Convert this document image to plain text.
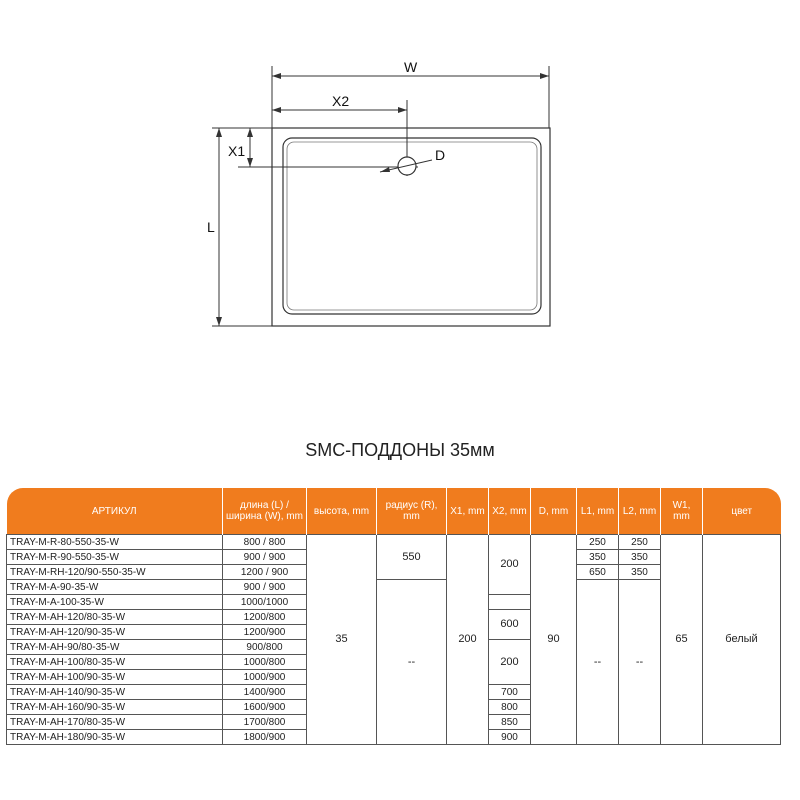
W
X2
X1
L
D
SMC-ПОДДОНЫ 35мм
АРТИКУЛ	длина (L) / ширина (W), mm	высота, mm	радиус (R), mm	X1, mm	X2, mm	D, mm	L1, mm	L2, mm	W1, mm	цвет
TRAY-M-R-80-550-35-W	800 / 800	35	550	200	200	90	250	250	65	белый
TRAY-M-R-90-550-35-W	900 / 900						350	350		
TRAY-M-RH-120/90-550-35-W	1200 / 900						650	350		
TRAY-M-A-90-35-W	900 / 900		--				--	--		
TRAY-M-A-100-35-W	1000/1000									
TRAY-M-AH-120/80-35-W	1200/800				600					
TRAY-M-AH-120/90-35-W	1200/900									
TRAY-M-AH-90/80-35-W	900/800				200					
TRAY-M-AH-100/80-35-W	1000/800									
TRAY-M-AH-100/90-35-W	1000/900									
TRAY-M-AH-140/90-35-W	1400/900				700					
TRAY-M-AH-160/90-35-W	1600/900				800					
TRAY-M-AH-170/80-35-W	1700/800				850					
TRAY-M-AH-180/90-35-W	1800/900				900					
